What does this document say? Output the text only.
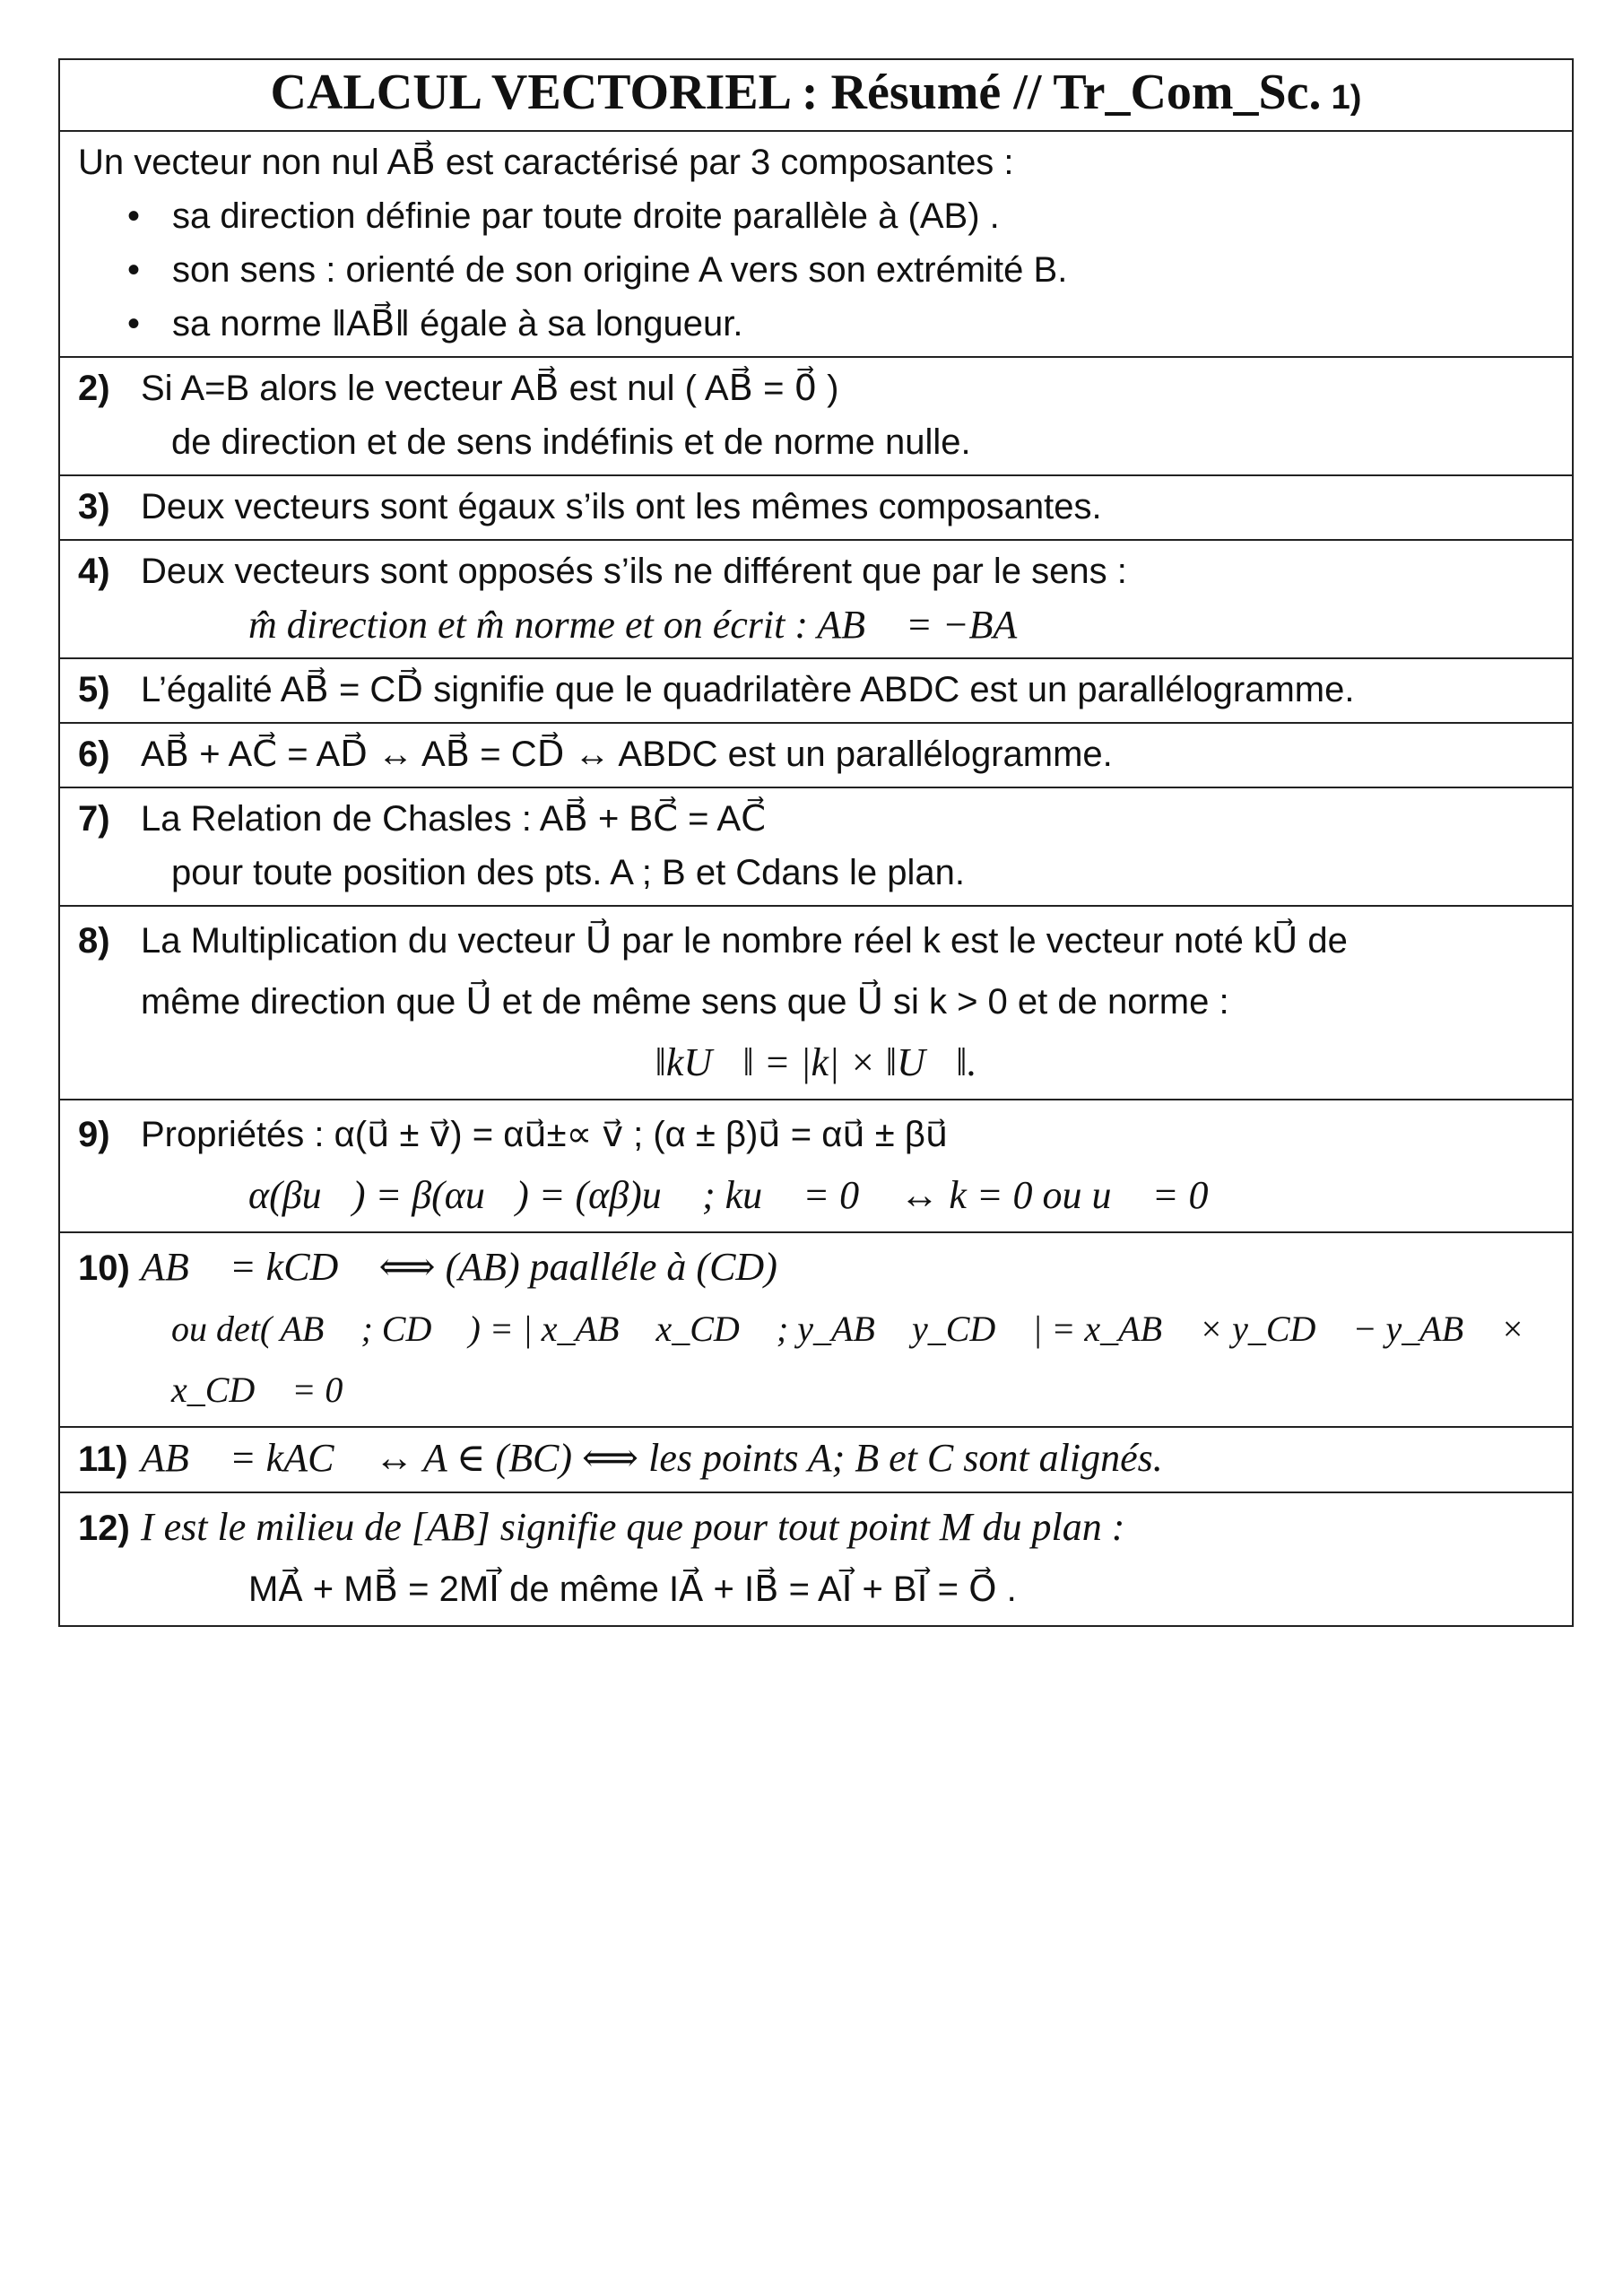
CALCUL VECTORIEL : Résumé // Tr_Com_Sc. 1)
Un vecteur non nul AB⃗ est caractérisé par 3 composantes :
• sa direction définie par toute droite parallèle à (AB) .
• son sens : orienté de son origine A vers son extrémité B.
• sa norme ‖AB⃗‖ égale à sa longueur.
2) Si A=B alors le vecteur AB⃗ est nul ( AB⃗ = 0⃗ )
de direction et de sens indéfinis et de norme nulle.
3) Deux vecteurs sont égaux s’ils ont les mêmes composantes.
4) Deux vecteurs sont opposés s’ils ne différent que par le sens :
m̂ direction et m̂ norme et on écrit : AB⃗ = −BA⃗
5) L’égalité AB⃗ = CD⃗ signifie que le quadrilatère ABDC est un parallélogramme.
6) AB⃗ + AC⃗ = AD⃗ ↔ AB⃗ = CD⃗ ↔ ABDC est un parallélogramme.
7) La Relation de Chasles : AB⃗ + BC⃗ = AC⃗
pour toute position des pts. A ; B et Cdans le plan.
8) La Multiplication du vecteur U⃗ par le nombre réel k est le vecteur noté kU⃗ de
même direction que U⃗ et de même sens que U⃗ si k > 0 et de norme :
‖kU⃗‖ = |k| × ‖U⃗‖.
9) Propriétés : α(u⃗ ± v⃗) = αu⃗±∝ v⃗ ; (α ± β)u⃗ = αu⃗ ± βu⃗
α(βu⃗) = β(αu⃗) = (αβ)u⃗ ; ku⃗ = 0⃗ ↔ k = 0 ou u⃗ = 0⃗
10) AB⃗ = kCD⃗ ⟺ (AB) paalléle à (CD)
ou det( AB⃗ ; CD⃗ ) = | x_AB⃗ x_CD⃗ ; y_AB⃗ y_CD⃗ | = x_AB⃗ × y_CD⃗ − y_AB⃗ × x_CD⃗ = 0
11) AB⃗ = kAC⃗ ↔ A ∈ (BC) ⟺ les points A; B et C sont alignés.
12) I est le milieu de [AB] signifie que pour tout point M du plan :
MA⃗ + MB⃗ = 2MI⃗ de même IA⃗ + IB⃗ = AI⃗ + BI⃗ = O⃗ .
